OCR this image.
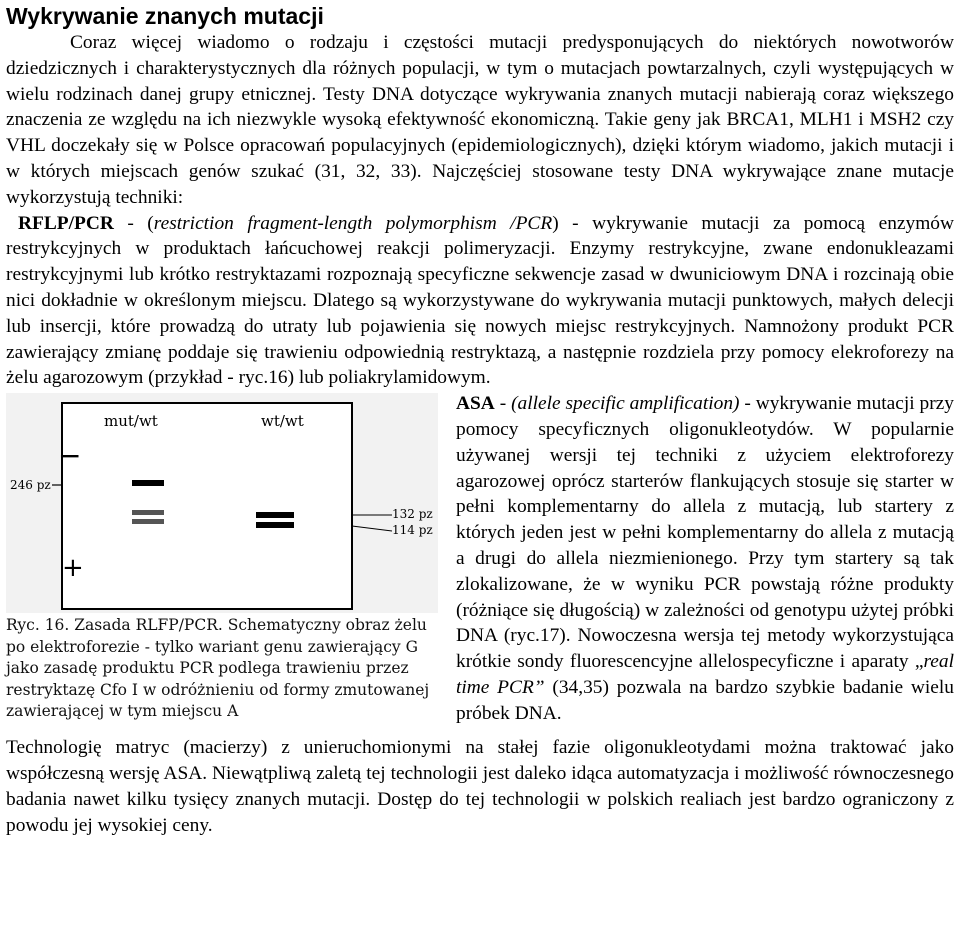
Wykrywanie znanych mutacji

Coraz więcej wiadomo o rodzaju i częstości mutacji predysponujących do niektórych nowotworów dziedzicznych i charakterystycznych dla różnych populacji, w tym o mutacjach powtarzalnych, czyli występujących w wielu rodzinach danej grupy etnicznej. Testy DNA dotyczące wykrywania znanych mutacji nabierają coraz większego znaczenia ze względu na ich niezwykle wysoką efektywność ekonomiczną. Takie geny jak BRCA1, MLH1 i MSH2 czy VHL doczekały się w Polsce opracowań populacyjnych (epidemiologicznych), dzięki którym wiadomo, jakich mutacji i w których miejscach genów szukać (31, 32, 33). Najczęściej stosowane testy DNA wykrywające znane mutacje wykorzystują techniki:

RFLP/PCR - (restriction fragment-length polymorphism /PCR) - wykrywanie mutacji za pomocą enzymów restrykcyjnych w produktach łańcuchowej reakcji polimeryzacji. Enzymy restrykcyjne, zwane endonukleazami restrykcyjnymi lub krótko restryktazami rozpoznają specyficzne sekwencje zasad w dwuniciowym DNA i rozcinają obie nici dokładnie w określonym miejscu. Dlatego są wykorzystywane do wykrywania mutacji punktowych, małych delecji lub insercji, które prowadzą do utraty lub pojawienia się nowych miejsc restrykcyjnych. Namnożony produkt PCR zawierający zmianę poddaje się trawieniu odpowiednią restryktazą, a następnie rozdziela przy pomocy elekroforezy na żelu agarozowym (przykład - ryc.16) lub poliakrylamidowym.

mut/wt	wt/wt
−
+
246 pz
132 pz
114 pz
Ryc. 16. Zasada RLFP/PCR. Schematyczny obraz żelu po elektroforezie - tylko wariant genu zawierający G jako zasadę produktu PCR podlega trawieniu przez restryktazę Cfo I w odróżnieniu od formy zmutowanej zawierającej w tym miejscu A

ASA - (allele specific amplification) - wykrywanie mutacji przy pomocy specyficznych oligonukleotydów. W popularnie używanej wersji tej techniki z użyciem elektroforezy agarozowej oprócz starterów flankujących stosuje się starter w pełni komplementarny do allela z mutacją, lub startery z których jeden jest w pełni komplementarny do allela z mutacją a drugi do allela niezmienionego. Przy tym startery są tak zlokalizowane, że w wyniku PCR powstają różne produkty (różniące się długością) w zależności od genotypu użytej próbki DNA (ryc.17). Nowoczesna wersja tej metody wykorzystująca krótkie sondy fluorescencyjne allelospecyficzne i aparaty „real time PCR” (34,35) pozwala na bardzo szybkie badanie wielu próbek DNA.

Technologię matryc (macierzy) z unieruchomionymi na stałej fazie oligonukleotydami można traktować jako współczesną wersję ASA. Niewątpliwą zaletą tej technologii jest daleko idąca automatyzacja i możliwość równoczesnego badania nawet kilku tysięcy znanych mutacji. Dostęp do tej technologii w polskich realiach jest bardzo ograniczony z powodu jej wysokiej ceny.
